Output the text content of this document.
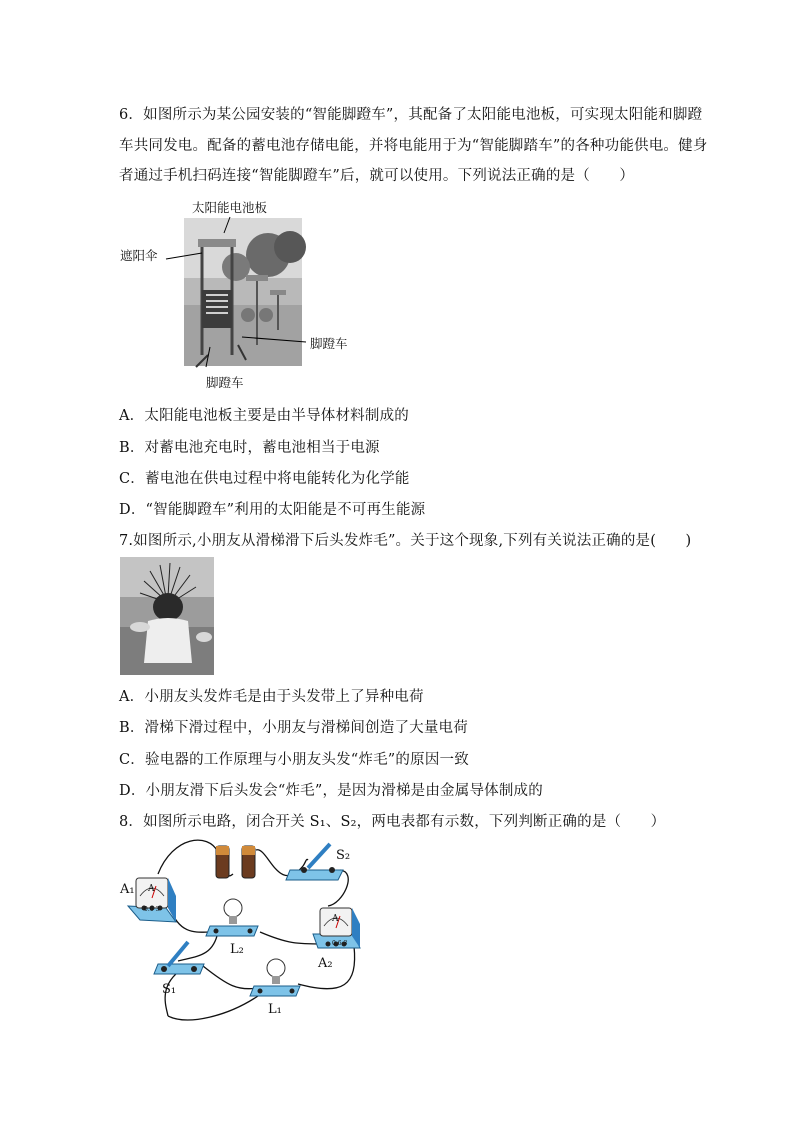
6．如图所示为某公园安装的“智能脚蹬车”，其配备了太阳能电池板，可实现太阳能和脚蹬
车共同发电。配备的蓄电池存储电能，并将电能用于为“智能脚踏车”的各种功能供电。健身
者通过手机扫码连接“智能脚蹬车”后，就可以使用。下列说法正确的是（　　）
太阳能电池板
遮阳伞
脚蹬车
脚蹬车
A．太阳能电池板主要是由半导体材料制成的
B．对蓄电池充电时，蓄电池相当于电源
C．蓄电池在供电过程中将电能转化为化学能
D．“智能脚蹬车”利用的太阳能是不可再生能源
7.如图所示,小朋友从滑梯滑下后头发炸毛”。关于这个现象,下列有关说法正确的是(　　)
A．小朋友头发炸毛是由于头发带上了异种电荷
B．滑梯下滑过程中，小朋友与滑梯间创造了大量电荷
C．验电器的工作原理与小朋友头发“炸毛”的原因一致
D．小朋友滑下后头发会“炸毛”，是因为滑梯是由金属导体制成的
8．如图所示电路，闭合开关 S₁、S₂，两电表都有示数，下列判断正确的是（　　）
A₁ A
A
0.6 3
0.6 3
A₂
S₂
S₁
L₂
L₁
